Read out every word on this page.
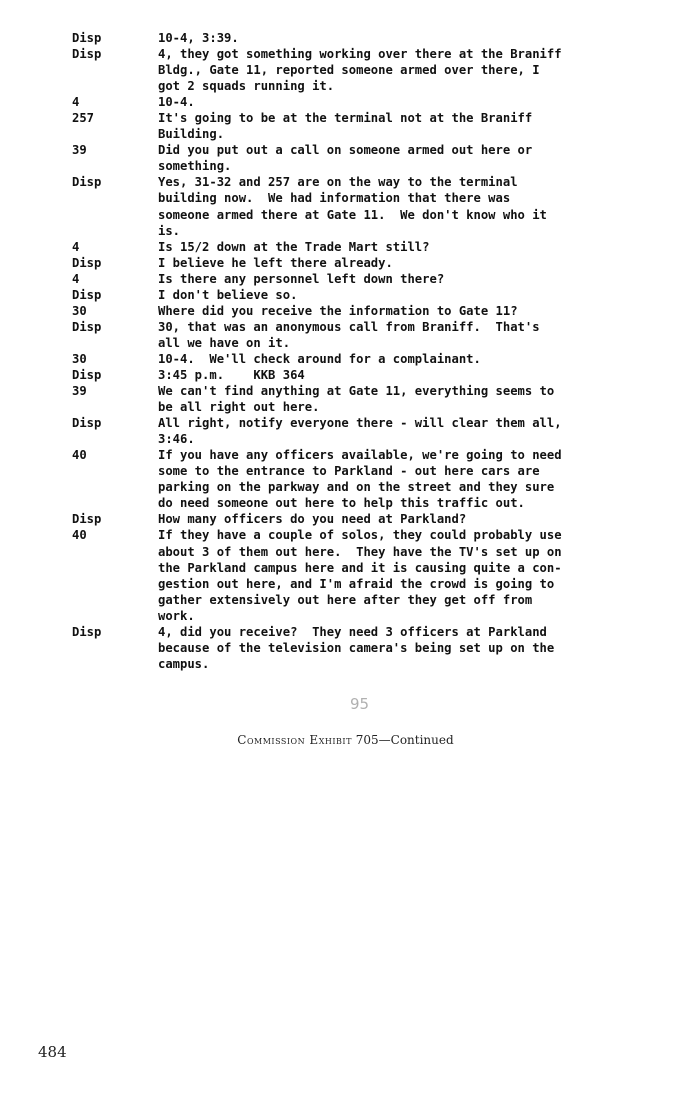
Disp	10-4, 3:39.
Disp	4, they got something working over there at the Braniff
Bldg., Gate 11, reported someone armed over there, I
got 2 squads running it.
4	10-4.
257	It's going to be at the terminal not at the Braniff
Building.
39	Did you put out a call on someone armed out here or
something.
Disp	Yes, 31-32 and 257 are on the way to the terminal
building now.  We had information that there was
someone armed there at Gate 11.  We don't know who it
is.
4	Is 15/2 down at the Trade Mart still?
Disp	I believe he left there already.
4	Is there any personnel left down there?
Disp	I don't believe so.
30	Where did you receive the information to Gate 11?
Disp	30, that was an anonymous call from Braniff.  That's
all we have on it.
30	10-4.  We'll check around for a complainant.
Disp	3:45 p.m.    KKB 364
39	We can't find anything at Gate 11, everything seems to
be all right out here.
Disp	All right, notify everyone there - will clear them all,
3:46.
40	If you have any officers available, we're going to need
some to the entrance to Parkland - out here cars are
parking on the parkway and on the street and they sure
do need someone out here to help this traffic out.
Disp	How many officers do you need at Parkland?
40	If they have a couple of solos, they could probably use
about 3 of them out here.  They have the TV's set up on
the Parkland campus here and it is causing quite a con-
gestion out here, and I'm afraid the crowd is going to
gather extensively out here after they get off from
work.
Disp	4, did you receive?  They need 3 officers at Parkland
because of the television camera's being set up on the
campus.
95
Commission Exhibit 705—Continued
484
